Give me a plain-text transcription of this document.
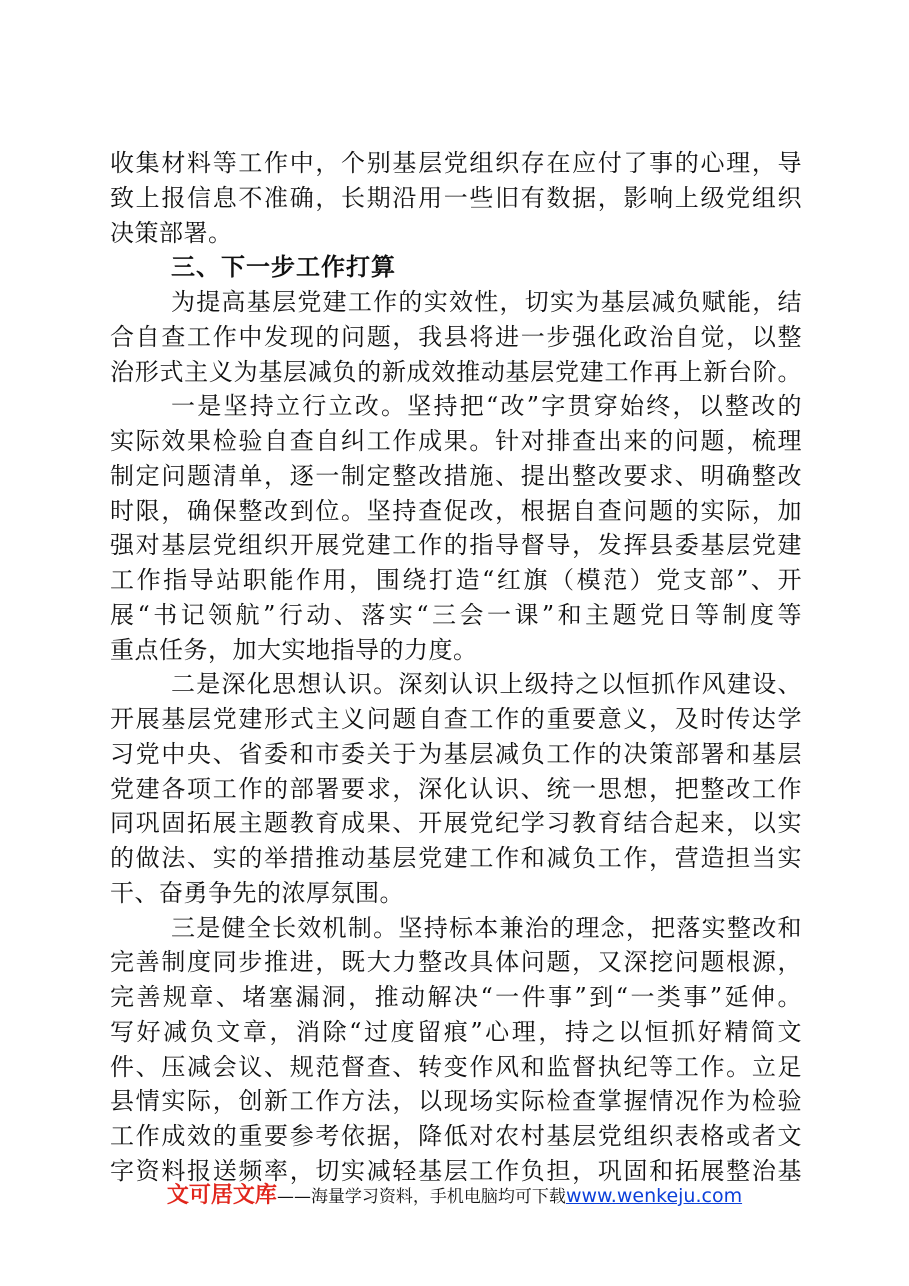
收集材料等工作中，个别基层党组织存在应付了事的心理，导
致上报信息不准确，长期沿用一些旧有数据，影响上级党组织
决策部署。
三、下一步工作打算
为提高基层党建工作的实效性，切实为基层减负赋能，结
合自查工作中发现的问题，我县将进一步强化政治自觉，以整
治形式主义为基层减负的新成效推动基层党建工作再上新台阶。
一是坚持立行立改。坚持把“改”字贯穿始终，以整改的
实际效果检验自查自纠工作成果。针对排查出来的问题，梳理
制定问题清单，逐一制定整改措施、提出整改要求、明确整改
时限，确保整改到位。坚持查促改，根据自查问题的实际，加
强对基层党组织开展党建工作的指导督导，发挥县委基层党建
工作指导站职能作用，围绕打造“红旗（模范）党支部”、开
展“书记领航”行动、落实“三会一课”和主题党日等制度等
重点任务，加大实地指导的力度。
二是深化思想认识。深刻认识上级持之以恒抓作风建设、
开展基层党建形式主义问题自查工作的重要意义，及时传达学
习党中央、省委和市委关于为基层减负工作的决策部署和基层
党建各项工作的部署要求，深化认识、统一思想，把整改工作
同巩固拓展主题教育成果、开展党纪学习教育结合起来，以实
的做法、实的举措推动基层党建工作和减负工作，营造担当实
干、奋勇争先的浓厚氛围。
三是健全长效机制。坚持标本兼治的理念，把落实整改和
完善制度同步推进，既大力整改具体问题，又深挖问题根源，
完善规章、堵塞漏洞，推动解决“一件事”到“一类事”延伸。
写好减负文章，消除“过度留痕”心理，持之以恒抓好精简文
件、压减会议、规范督查、转变作风和监督执纪等工作。立足
县情实际，创新工作方法，以现场实际检查掌握情况作为检验
工作成效的重要参考依据，降低对农村基层党组织表格或者文
字资料报送频率，切实减轻基层工作负担，巩固和拓展整治基
文可居文库——海量学习资料，手机电脑均可下载www.wenkeju.com
